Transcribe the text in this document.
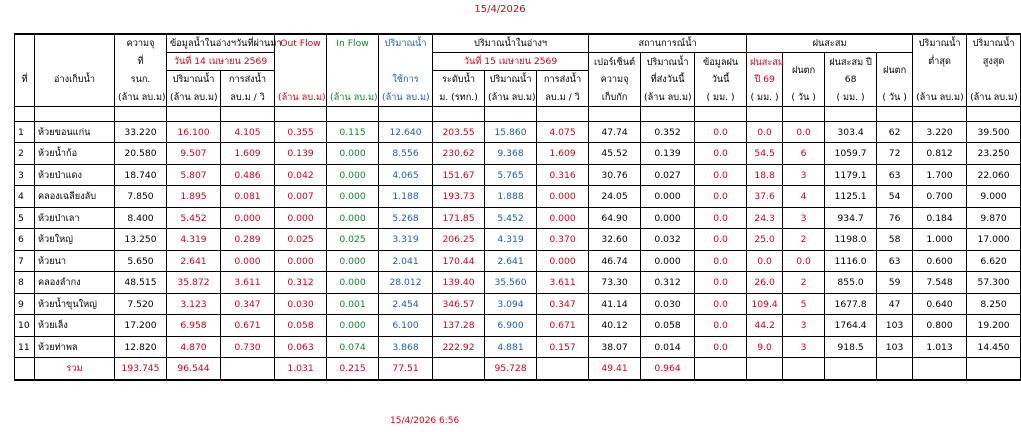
15/4/2026
		ความจุ	ข้อมูลน้ำในอ่างฯวันที่ผ่านมา		Out Flow	In Flow	ปริมาณน้ำ	ปริมาณน้ำในอ่างฯ			สถานการณ์น้ำ			ฝนสะสม				ปริมาณน้ำ	ปริมาณน้ำ
		ที่	วันที่ 14 เมษายน 2569					วันที่ 15 เมษายน 2569			เปอร์เซ็นต์	ปริมาณน้ำ	ข้อมูลฝน	ฝนสะสม	ฝนตก	ฝนสะสม ปี	ฝนตก	ต่ำสุด	สูงสุด
ที่	อ่างเก็บน้ำ	รนก.	ปริมาณน้ำ	การส่งน้ำ			ใช้การ	ระดับน้ำ	ปริมาณน้ำ	การส่งน้ำ	ความจุ	ที่ส่งวันนี้	วันนี้	ปี 69		68			
		(ล้าน ลบ.ม)	(ล้าน ลบ.ม)	ลบ.ม / วิ	(ล้าน ลบ.ม)	(ล้าน ลบ.ม)	(ล้าน ลบ.ม)	ม. (รทก.)	(ล้าน ลบ.ม)	ลบ.ม / วิ	เก็บกัก	(ล้าน ลบ.ม)	( มม. )	( มม. )	( วัน )	( มม. )	( วัน )	(ล้าน ลบ.ม)	(ล้าน ลบ.ม)

1	ห้วยขอนแก่น	33.220	16.100	4.105	0.355	0.115	12.640	203.55	15.860	4.075	47.74	0.352	0.0	0.0	0.0	303.4	62	3.220	39.500
2	ห้วยน้ำก้อ	20.580	9.507	1.609	0.139	0.000	8.556	230.62	9.368	1.609	45.52	0.139	0.0	54.5	6	1059.7	72	0.812	23.250
3	ห้วยป่าแดง	18.740	5.807	0.486	0.042	0.000	4.065	151.67	5.765	0.316	30.76	0.027	0.0	18.8	3	1179.1	63	1.700	22.060
4	คลองเฉลียงลับ	7.850	1.895	0.081	0.007	0.000	1.188	193.73	1.888	0.000	24.05	0.000	0.0	37.6	4	1125.1	54	0.700	9.000
5	ห้วยป่าเลา	8.400	5.452	0.000	0.000	0.000	5.268	171.85	5.452	0.000	64.90	0.000	0.0	24.3	3	934.7	76	0.184	9.870
6	ห้วยใหญ่	13.250	4.319	0.289	0.025	0.025	3.319	206.25	4.319	0.370	32.60	0.032	0.0	25.0	2	1198.0	58	1.000	17.000
7	ห้วยนา	5.650	2.641	0.000	0.000	0.000	2.041	170.44	2.641	0.000	46.74	0.000	0.0	0.0	0.0	1116.0	63	0.600	6.620
8	คลองลำกง	48.515	35.872	3.611	0.312	0.000	28.012	139.40	35.560	3.611	73.30	0.312	0.0	26.0	2	855.0	59	7.548	57.300
9	ห้วยน้ำขุนใหญ่	7.520	3.123	0.347	0.030	0.001	2.454	346.57	3.094	0.347	41.14	0.030	0.0	109.4	5	1677.8	47	0.640	8.250
10	ห้วยเล็ง	17.200	6.958	0.671	0.058	0.000	6.100	137.28	6.900	0.671	40.12	0.058	0.0	44.2	3	1764.4	103	0.800	19.200
11	ห้วยท่าพล	12.820	4.870	0.730	0.063	0.074	3.868	222.92	4.881	0.157	38.07	0.014	0.0	9.0	3	918.5	103	1.013	14.450
	รวม	193.745	96.544		1.031	0.215	77.51		95.728		49.41	0.964							
15/4/2026 6:56
